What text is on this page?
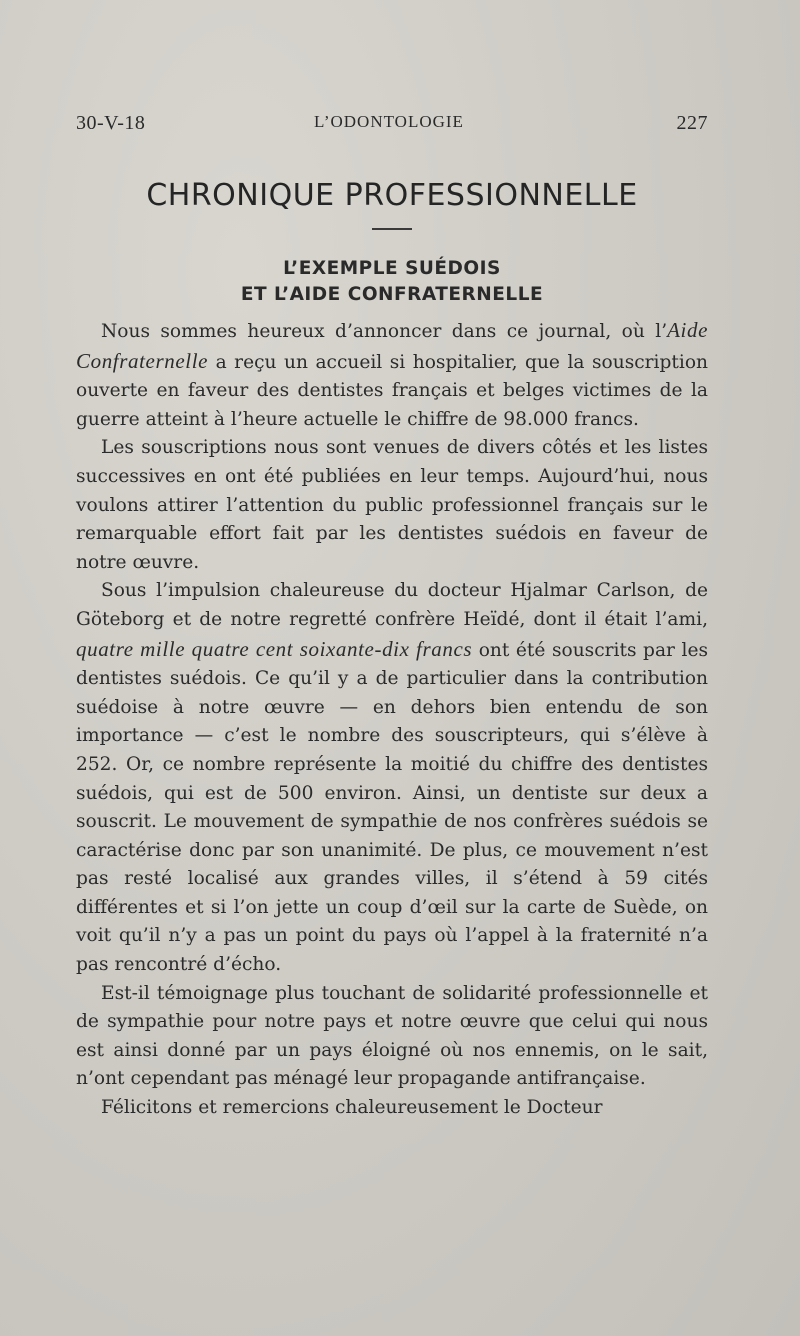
30-V-18	L’ODONTOLOGIE	227
CHRONIQUE PROFESSIONNELLE
L’EXEMPLE SUÉDOIS
ET L’AIDE CONFRATERNELLE

Nous sommes heureux d’annoncer dans ce journal, où l’Aide Confraternelle a reçu un accueil si hospitalier, que la souscription ouverte en faveur des dentistes français et belges victimes de la guerre atteint à l’heure actuelle le chiffre de 98.000 francs.

Les souscriptions nous sont venues de divers côtés et les listes successives en ont été publiées en leur temps. Aujourd’hui, nous voulons attirer l’attention du public professionnel français sur le remarquable effort fait par les dentistes suédois en faveur de notre œuvre.

Sous l’impulsion chaleureuse du docteur Hjalmar Carlson, de Göteborg et de notre regretté confrère Heïdé, dont il était l’ami, quatre mille quatre cent soixante-dix francs ont été souscrits par les dentistes suédois. Ce qu’il y a de particulier dans la contribution suédoise à notre œuvre — en dehors bien entendu de son importance — c’est le nombre des souscripteurs, qui s’élève à 252. Or, ce nombre représente la moitié du chiffre des dentistes suédois, qui est de 500 environ. Ainsi, un dentiste sur deux a souscrit. Le mouvement de sympathie de nos confrères suédois se caractérise donc par son unanimité. De plus, ce mouvement n’est pas resté localisé aux grandes villes, il s’étend à 59 cités différentes et si l’on jette un coup d’œil sur la carte de Suède, on voit qu’il n’y a pas un point du pays où l’appel à la fraternité n’a pas rencontré d’écho.

Est-il témoignage plus touchant de solidarité professionnelle et de sympathie pour notre pays et notre œuvre que celui qui nous est ainsi donné par un pays éloigné où nos ennemis, on le sait, n’ont cependant pas ménagé leur propagande antifrançaise.

Félicitons et remercions chaleureusement le Docteur
